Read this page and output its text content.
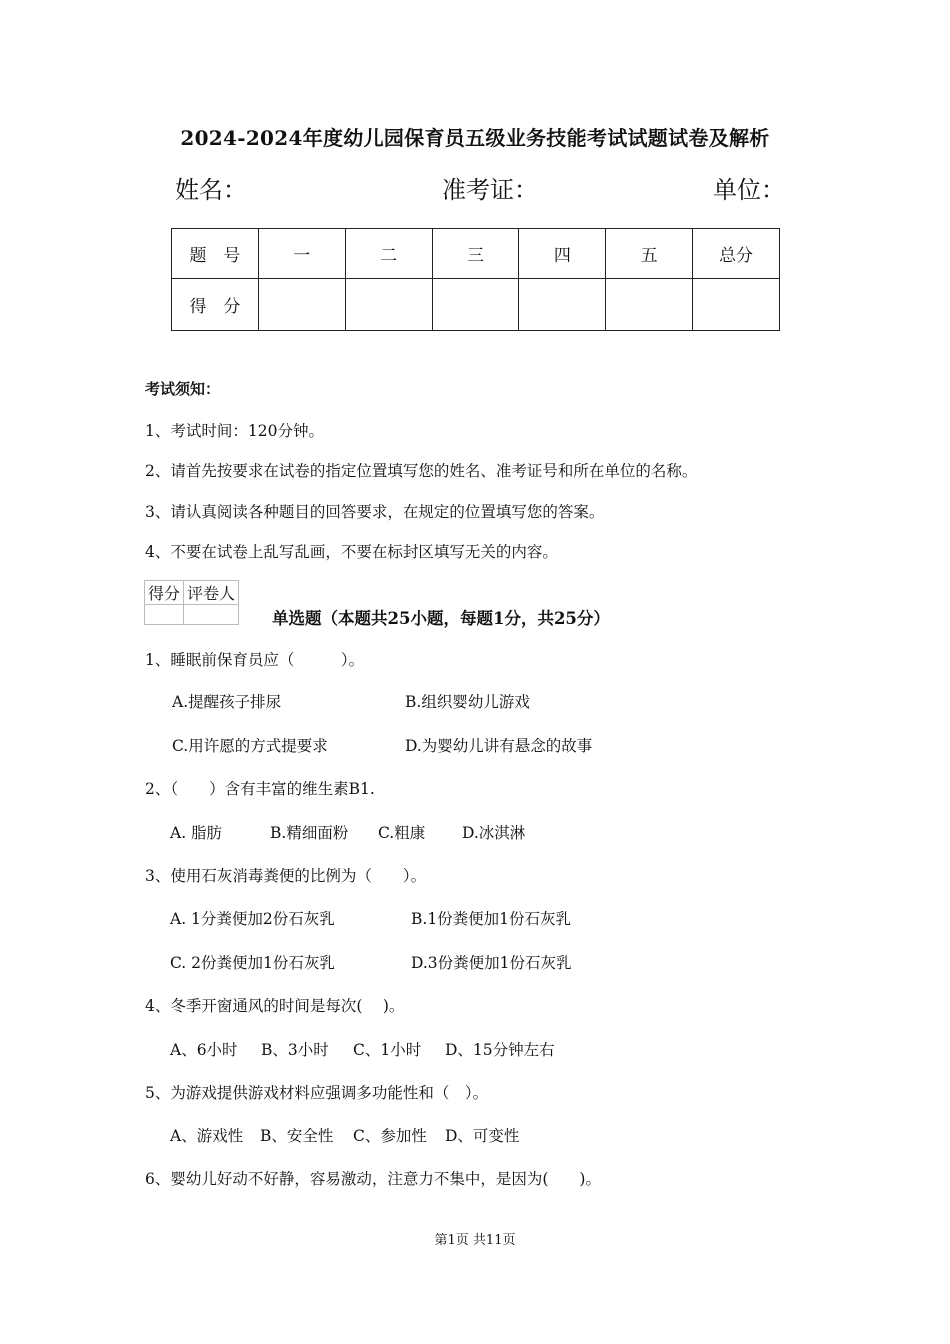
2024-2024年度幼儿园保育员五级业务技能考试试题试卷及解析
姓名：	准考证：	单位：
题　号	一	二	三	四	五	总分
得　分						
考试须知：
1、考试时间：120分钟。
2、请首先按要求在试卷的指定位置填写您的姓名、准考证号和所在单位的名称。
3、请认真阅读各种题目的回答要求，在规定的位置填写您的答案。
4、不要在试卷上乱写乱画，不要在标封区填写无关的内容。
得分	评卷人

单选题（本题共25小题，每题1分，共25分）
1、睡眠前保育员应（　　　）。
A.提醒孩子排尿	B.组织婴幼儿游戏
C.用许愿的方式提要求	D.为婴幼儿讲有悬念的故事
2、（　　）含有丰富的维生素B1.
A. 脂肪	B.精细面粉 C.粗康 D.冰淇淋
3、使用石灰消毒粪便的比例为（　　）。
A. 1分粪便加2份石灰乳	B.1份粪便加1份石灰乳
C. 2份粪便加1份石灰乳	D.3份粪便加1份石灰乳
4、冬季开窗通风的时间是每次(　 )。
A、6小时 B、3小时 C、1小时 D、15分钟左右
5、为游戏提供游戏材料应强调多功能性和（　）。
A、游戏性 B、安全性 C、参加性 D、可变性
6、婴幼儿好动不好静，容易激动，注意力不集中，是因为(　　)。
第1页 共11页
